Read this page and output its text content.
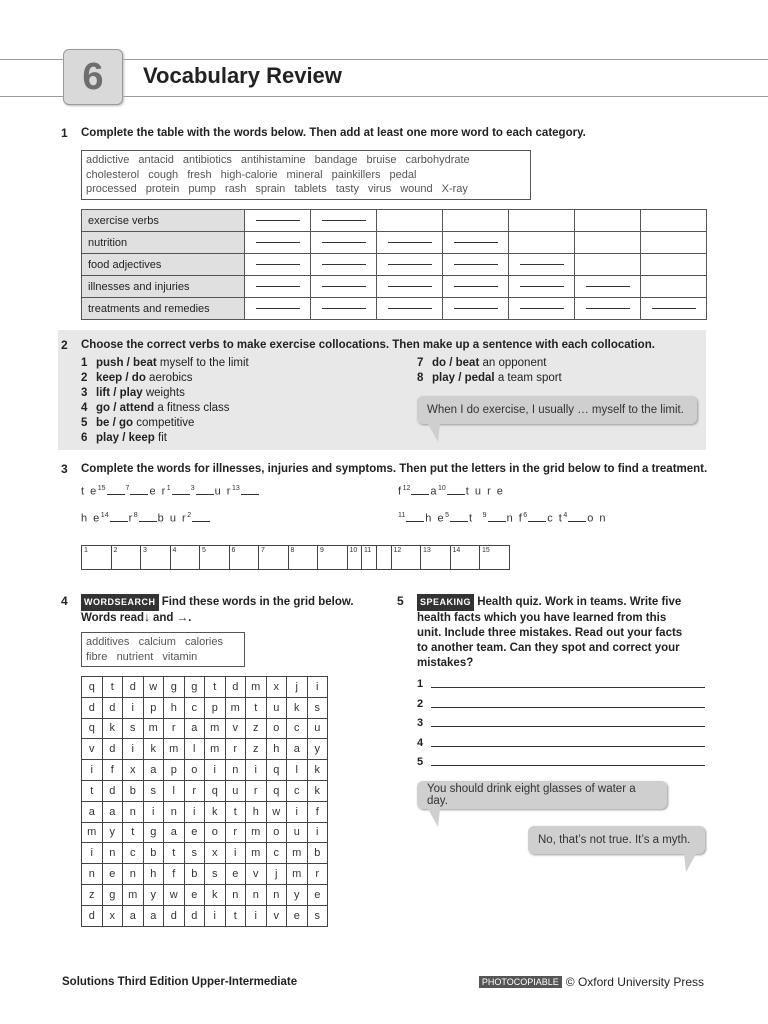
6 Vocabulary Review
1 Complete the table with the words below. Then add at least one more word to each category.
addictive antacid antibiotics antihistamine bandage bruise carbohydrate
cholesterol cough fresh high-calorie mineral painkillers pedal
processed protein pump rash sprain tablets tasty virus wound X-ray
exercise verbs							
nutrition							
food adjectives							
illnesses and injuries							
treatments and remedies							
2 Choose the correct verbs to make exercise collocations. Then make up a sentence with each collocation.
1 push / beat myself to the limit
2 keep / do aerobics
3 lift / play weights
4 go / attend a fitness class
5 be / go competitive
6 play / keep fit
7 do / beat an opponent
8 play / pedal a team sport
When I do exercise, I usually … myself to the limit.
3 Complete the words for illnesses, injuries and symptoms. Then put the letters in the grid below to find a treatment.
t $e^{15}$	$^7$ e $r^1$	$^3$ u $r^{13}$
h $e^{14}$ $r^8$ b u $r^2$
$f^{12}$ $a^{10}$ t u r e
$^{11}$ h $e^5$ t  $^9$ n $f^6$ c $t^4$ o n
1	2	3	4	5	6	7	8	9	10 11	12	13	14	15
4	WORDSEARCH Find these words in the grid below.
Words read↓ and →.
additives   calcium   calories
fibre   nutrient   vitamin
q	t	d	w	g	g	t	d	m	x	j	i
d	d	i	p	h	c	p	m	t	u	k	s
q	k	s	m	r	a	m	v	z	o	c	u
v	d	i	k	m	l	m	r	z	h	a	y
i	f	x	a	p	o	i	n	i	q	l	k
t	d	b	s	l	r	q	u	r	q	c	k
a	a	n	i	n	i	k	t	h	w	i	f
m	y	t	g	a	e	o	r	m	o	u	i
i	n	c	b	t	s	x	i	m	c	m	b
n	e	n	h	f	b	s	e	v	j	m	r
z	g	m	y	w	e	k	n	n	n	y	e
d	x	a	a	d	d	i	t	i	v	e	s
5	SPEAKING Health quiz. Work in teams. Write five health facts which you have learned from this unit. Include three mistakes. Read out your facts to another team. Can they spot and correct your mistakes?
1
2
3
4
5
You should drink eight glasses of water a day.
No, that’s not true. It’s a myth.
Solutions Third Edition Upper-Intermediate	PHOTOCOPIABLE © Oxford University Press
